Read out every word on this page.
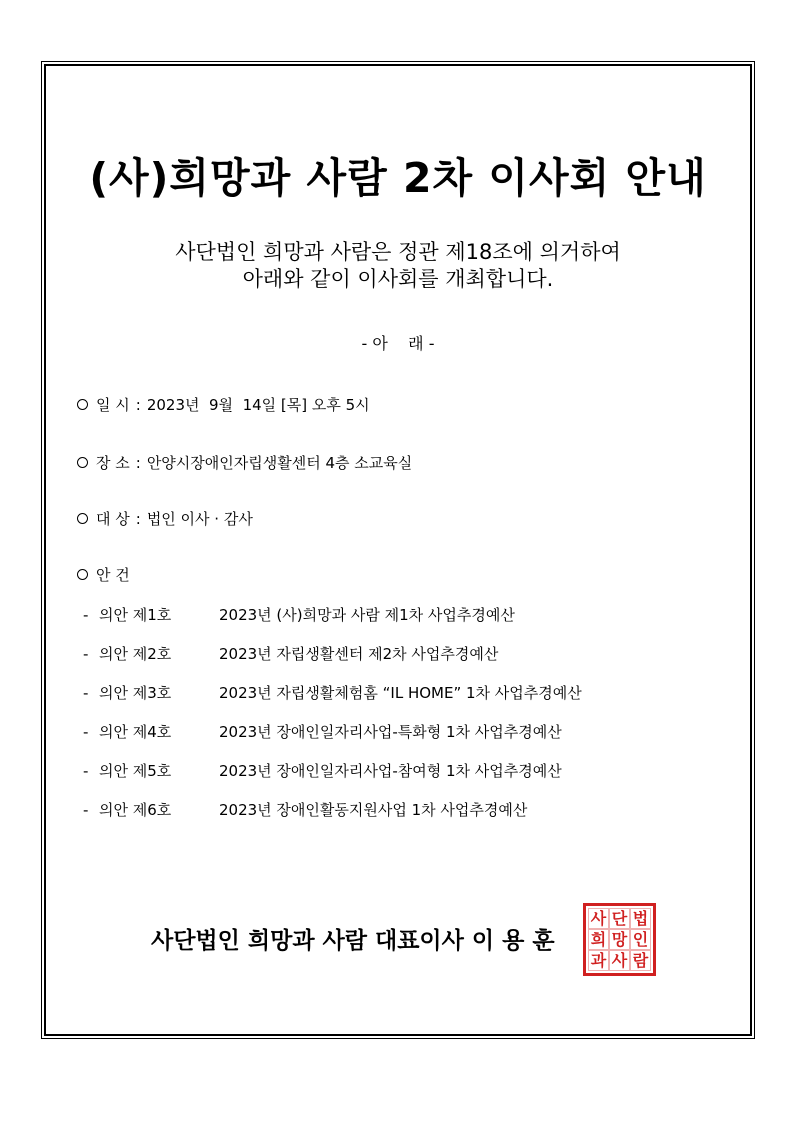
(사)희망과 사람 2차 이사회 안내
사단법인 희망과 사람은 정관 제18조에 의거하여
아래와 같이 이사회를 개최합니다.
- 아    래 -
일 시 : 2023년  9월  14일 [목] 오후 5시
장 소 : 안양시장애인자립생활센터 4층 소교육실
대 상 : 법인 이사 · 감사
안 건
- 의안 제1호	2023년 (사)희망과 사람 제1차 사업추경예산
- 의안 제2호	2023년 자립생활센터 제2차 사업추경예산
- 의안 제3호	2023년 자립생활체험홈 “IL HOME” 1차 사업추경예산
- 의안 제4호	2023년 장애인일자리사업-특화형 1차 사업추경예산
- 의안 제5호	2023년 장애인일자리사업-참여형 1차 사업추경예산
- 의안 제6호	2023년 장애인활동지원사업 1차 사업추경예산
사단법인 희망과 사람 대표이사 이 용 훈
사 단 법
희 망 인
과 사 람
